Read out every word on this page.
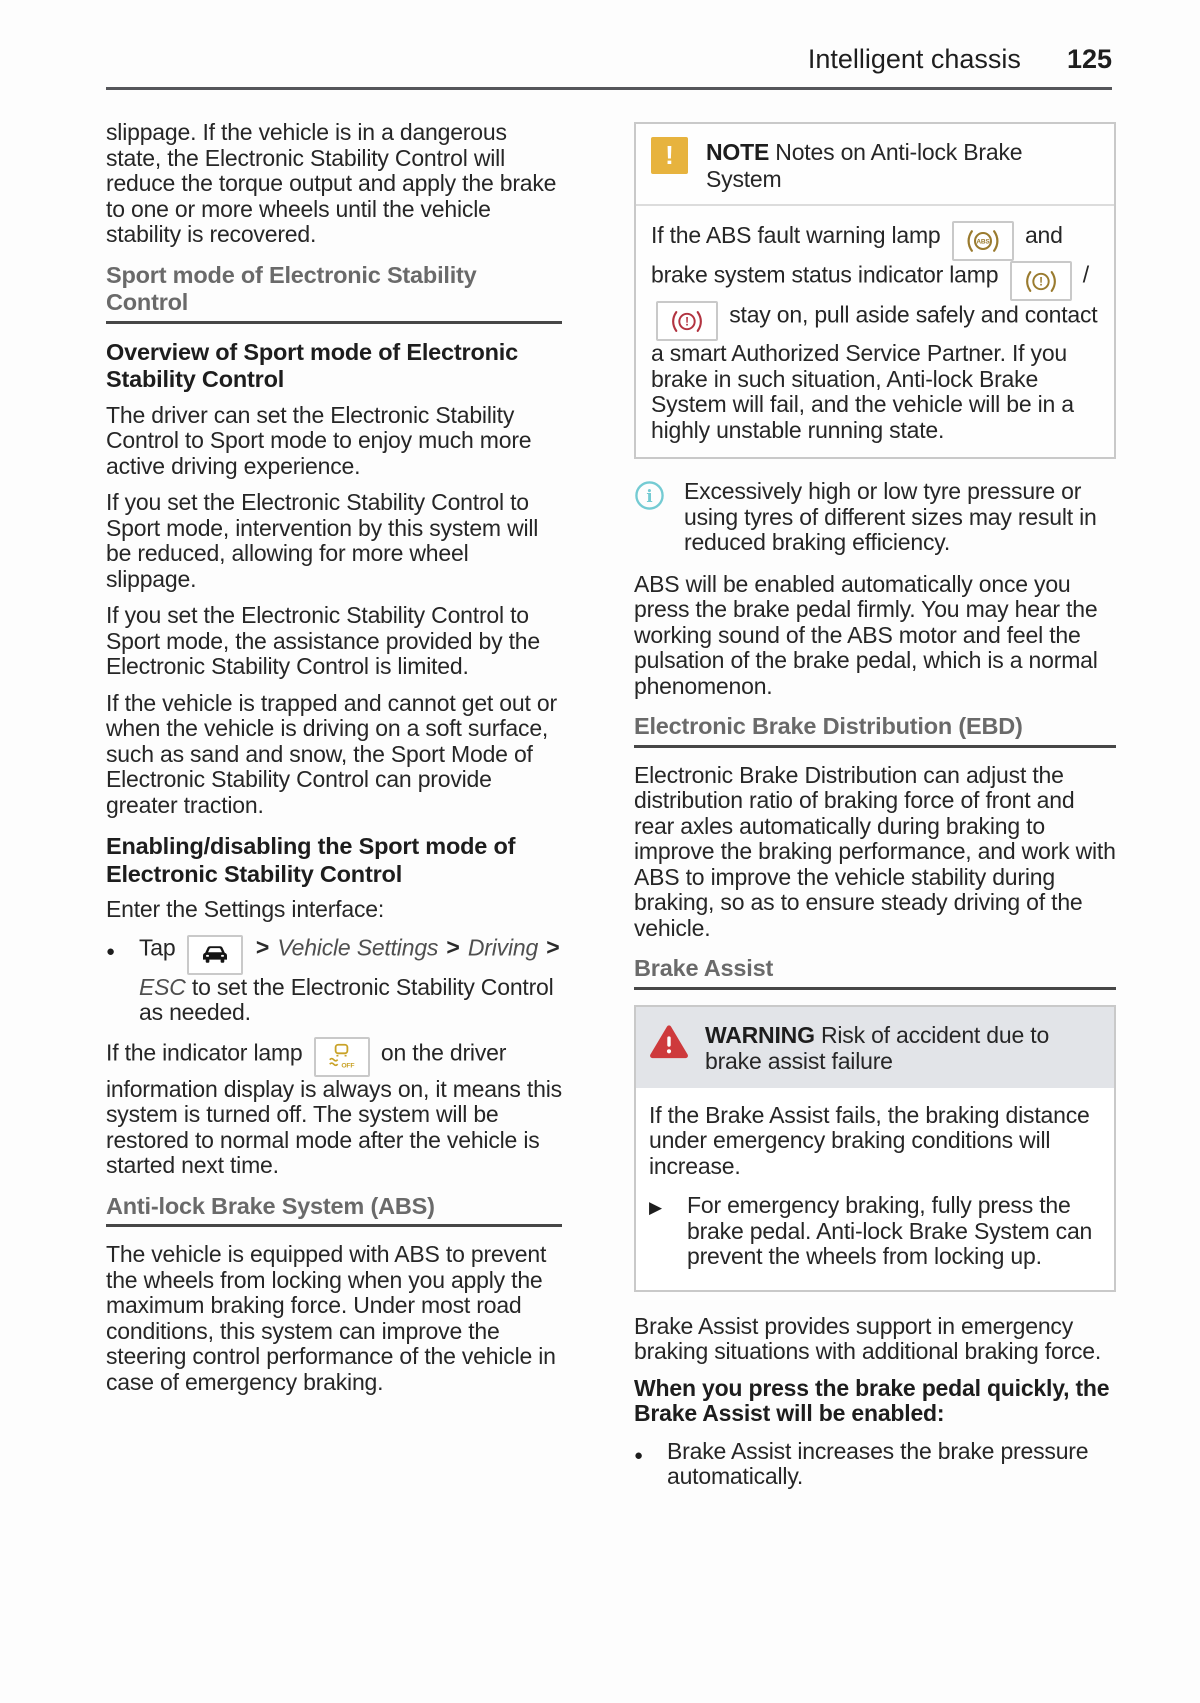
Intelligent chassis 125

slippage. If the vehicle is in a dangerous state, the Electronic Stability Control will reduce the torque output and apply the brake to one or more wheels until the vehicle stability is recovered.

Sport mode of Electronic Stability Control
Overview of Sport mode of Electronic Stability Control

The driver can set the Electronic Stability Control to Sport mode to enjoy much more active driving experience.

If you set the Electronic Stability Control to Sport mode, intervention by this system will be reduced, allowing for more wheel slippage.

If you set the Electronic Stability Control to Sport mode, the assistance provided by the Electronic Stability Control is limited.

If the vehicle is trapped and cannot get out or when the vehicle is driving on a soft surface, such as sand and snow, the Sport Mode of Electronic Stability Control can provide greater traction.

Enabling/disabling the Sport mode of Electronic Stability Control

Enter the Settings interface:

●	Tap	> Vehicle Settings > Driving > ESC to set the Electronic Stability Control as needed.

If the indicator lamp
OFF
on the driver information display is always on, it means this system is turned off. The system will be restored to normal mode after the vehicle is started next time.

Anti-lock Brake System (ABS)

The vehicle is equipped with ABS to prevent the wheels from locking when you apply the maximum braking force. Under most road conditions, this system can improve the steering control performance of the vehicle in case of emergency braking.

!	NOTE Notes on Anti-lock Brake System

If the ABS fault warning lamp	ABS and brake system status indicator lamp	! /
! stay on, pull aside safely and contact a smart Authorized Service Partner. If you brake in such situation, Anti-lock Brake System will fail, and the vehicle will be in a highly unstable running state.

i Excessively high or low tyre pressure or using tyres of different sizes may result in reduced braking efficiency.

ABS will be enabled automatically once you press the brake pedal firmly. You may hear the working sound of the ABS motor and feel the pulsation of the brake pedal, which is a normal phenomenon.

Electronic Brake Distribution (EBD)

Electronic Brake Distribution can adjust the distribution ratio of braking force of front and rear axles automatically during braking to improve the braking performance, and work with ABS to improve the vehicle stability during braking, so as to ensure steady driving of the vehicle.

Brake Assist
WARNING Risk of accident due to brake assist failure

If the Brake Assist fails, the braking distance under emergency braking conditions will increase.

▶	For emergency braking, fully press the brake pedal. Anti-lock Brake System can prevent the wheels from locking up.

Brake Assist provides support in emergency braking situations with additional braking force.

When you press the brake pedal quickly, the Brake Assist will be enabled:

●	Brake Assist increases the brake pressure automatically.
